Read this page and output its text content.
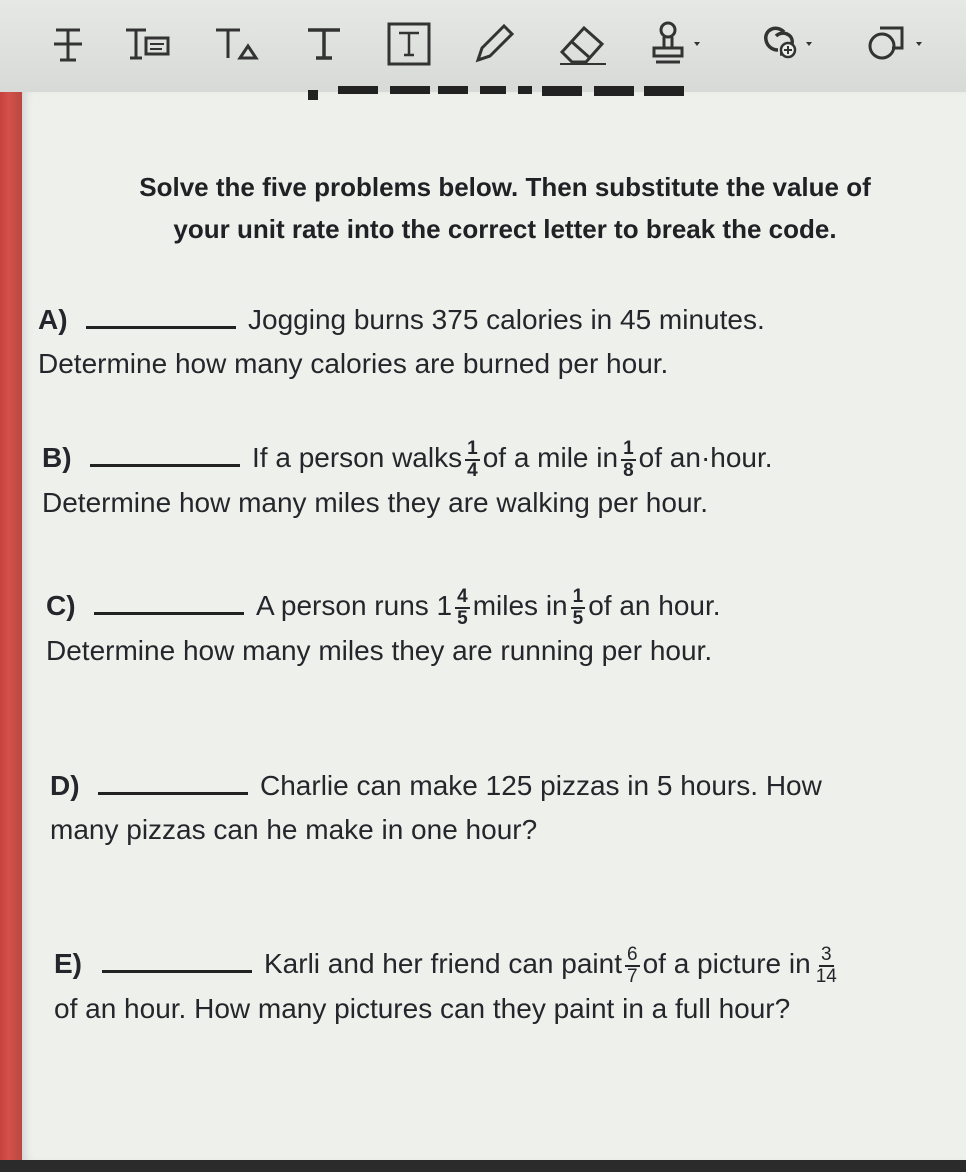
Solve the five problems below. Then substitute the value of
your unit rate into the correct letter to break the code.
A)	Jogging burns 375 calories in 45 minutes.
Determine how many calories are burned per hour.
B)	If a person walks $\frac{1}{4}$ of a mile in $\frac{1}{8}$ of an·hour.
Determine how many miles they are walking per hour.
C)	A person runs $1 \frac{4}{5}$ miles in $\frac{1}{5}$ of an hour.
Determine how many miles they are running per hour.
D)	Charlie can make 125 pizzas in 5 hours. How
many pizzas can he make in one hour?
E)	Karli and her friend can paint $\frac{6}{7}$ of a picture in $\frac{3}{14}$
of an hour. How many pictures can they paint in a full hour?
